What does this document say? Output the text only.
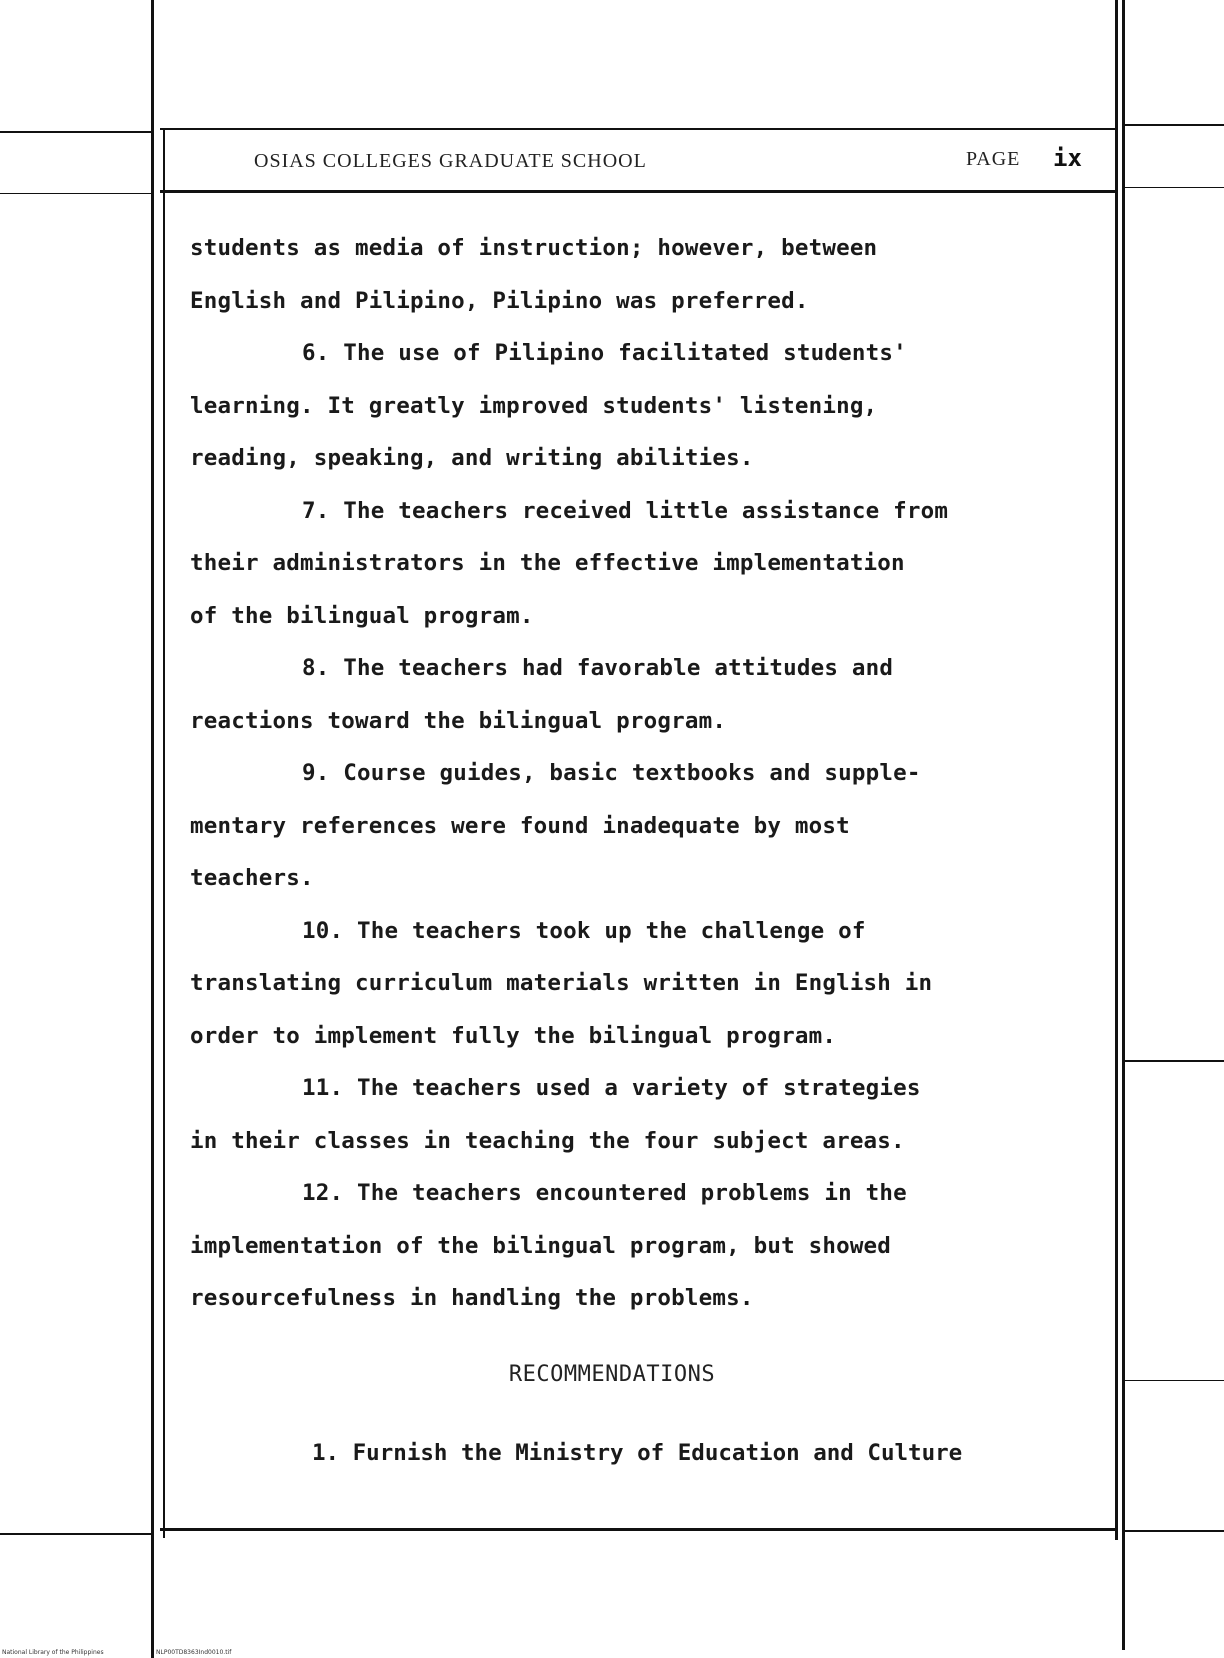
OSIAS COLLEGES GRADUATE SCHOOL	PAGE ix
students as media of instruction; however, between
English and Pilipino, Pilipino was preferred.
6. The use of Pilipino facilitated students'
learning. It greatly improved students' listening,
reading, speaking, and writing abilities.
7. The teachers received little assistance from
their administrators in the effective implementation
of the bilingual program.
8. The teachers had favorable attitudes and
reactions toward the bilingual program.
9. Course guides, basic textbooks and supple-
mentary references were found inadequate by most
teachers.
10. The teachers took up the challenge of
translating curriculum materials written in English in
order to implement fully the bilingual program.
11. The teachers used a variety of strategies
in their classes in teaching the four subject areas.
12. The teachers encountered problems in the
implementation of the bilingual program, but showed
resourcefulness in handling the problems.
RECOMMENDATIONS
1. Furnish the Ministry of Education and Culture
National Library of the Philippines	NLP00TD8363Ind0010.tif
